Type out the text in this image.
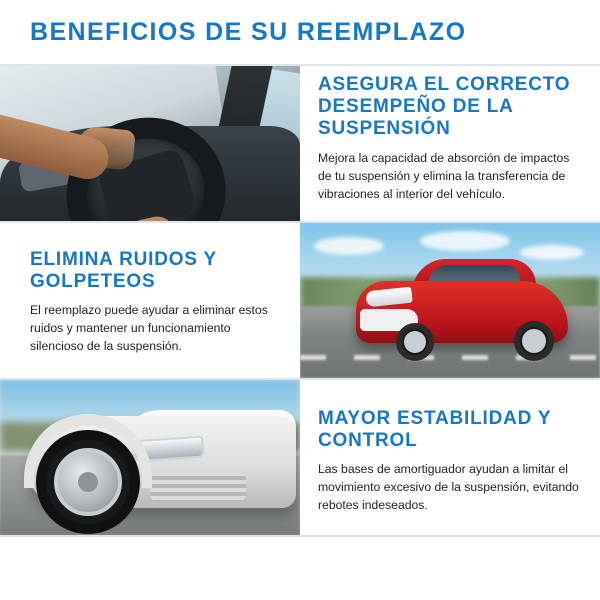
BENEFICIOS DE SU REEMPLAZO
ASEGURA EL CORRECTO DESEMPEÑO DE LA SUSPENSIÓN

Mejora la capacidad de absorción de impactos de tu suspensión y elimina la transferencia de vibraciones al interior del vehículo.

ELIMINA RUIDOS Y GOLPETEOS

El reemplazo puede ayudar a eliminar estos ruidos y mantener un funcionamiento silencioso de la suspensión.

MAYOR ESTABILIDAD Y CONTROL

Las bases de amortiguador ayudan a limitar el movimiento excesivo de la suspensión, evitando rebotes indeseados.
